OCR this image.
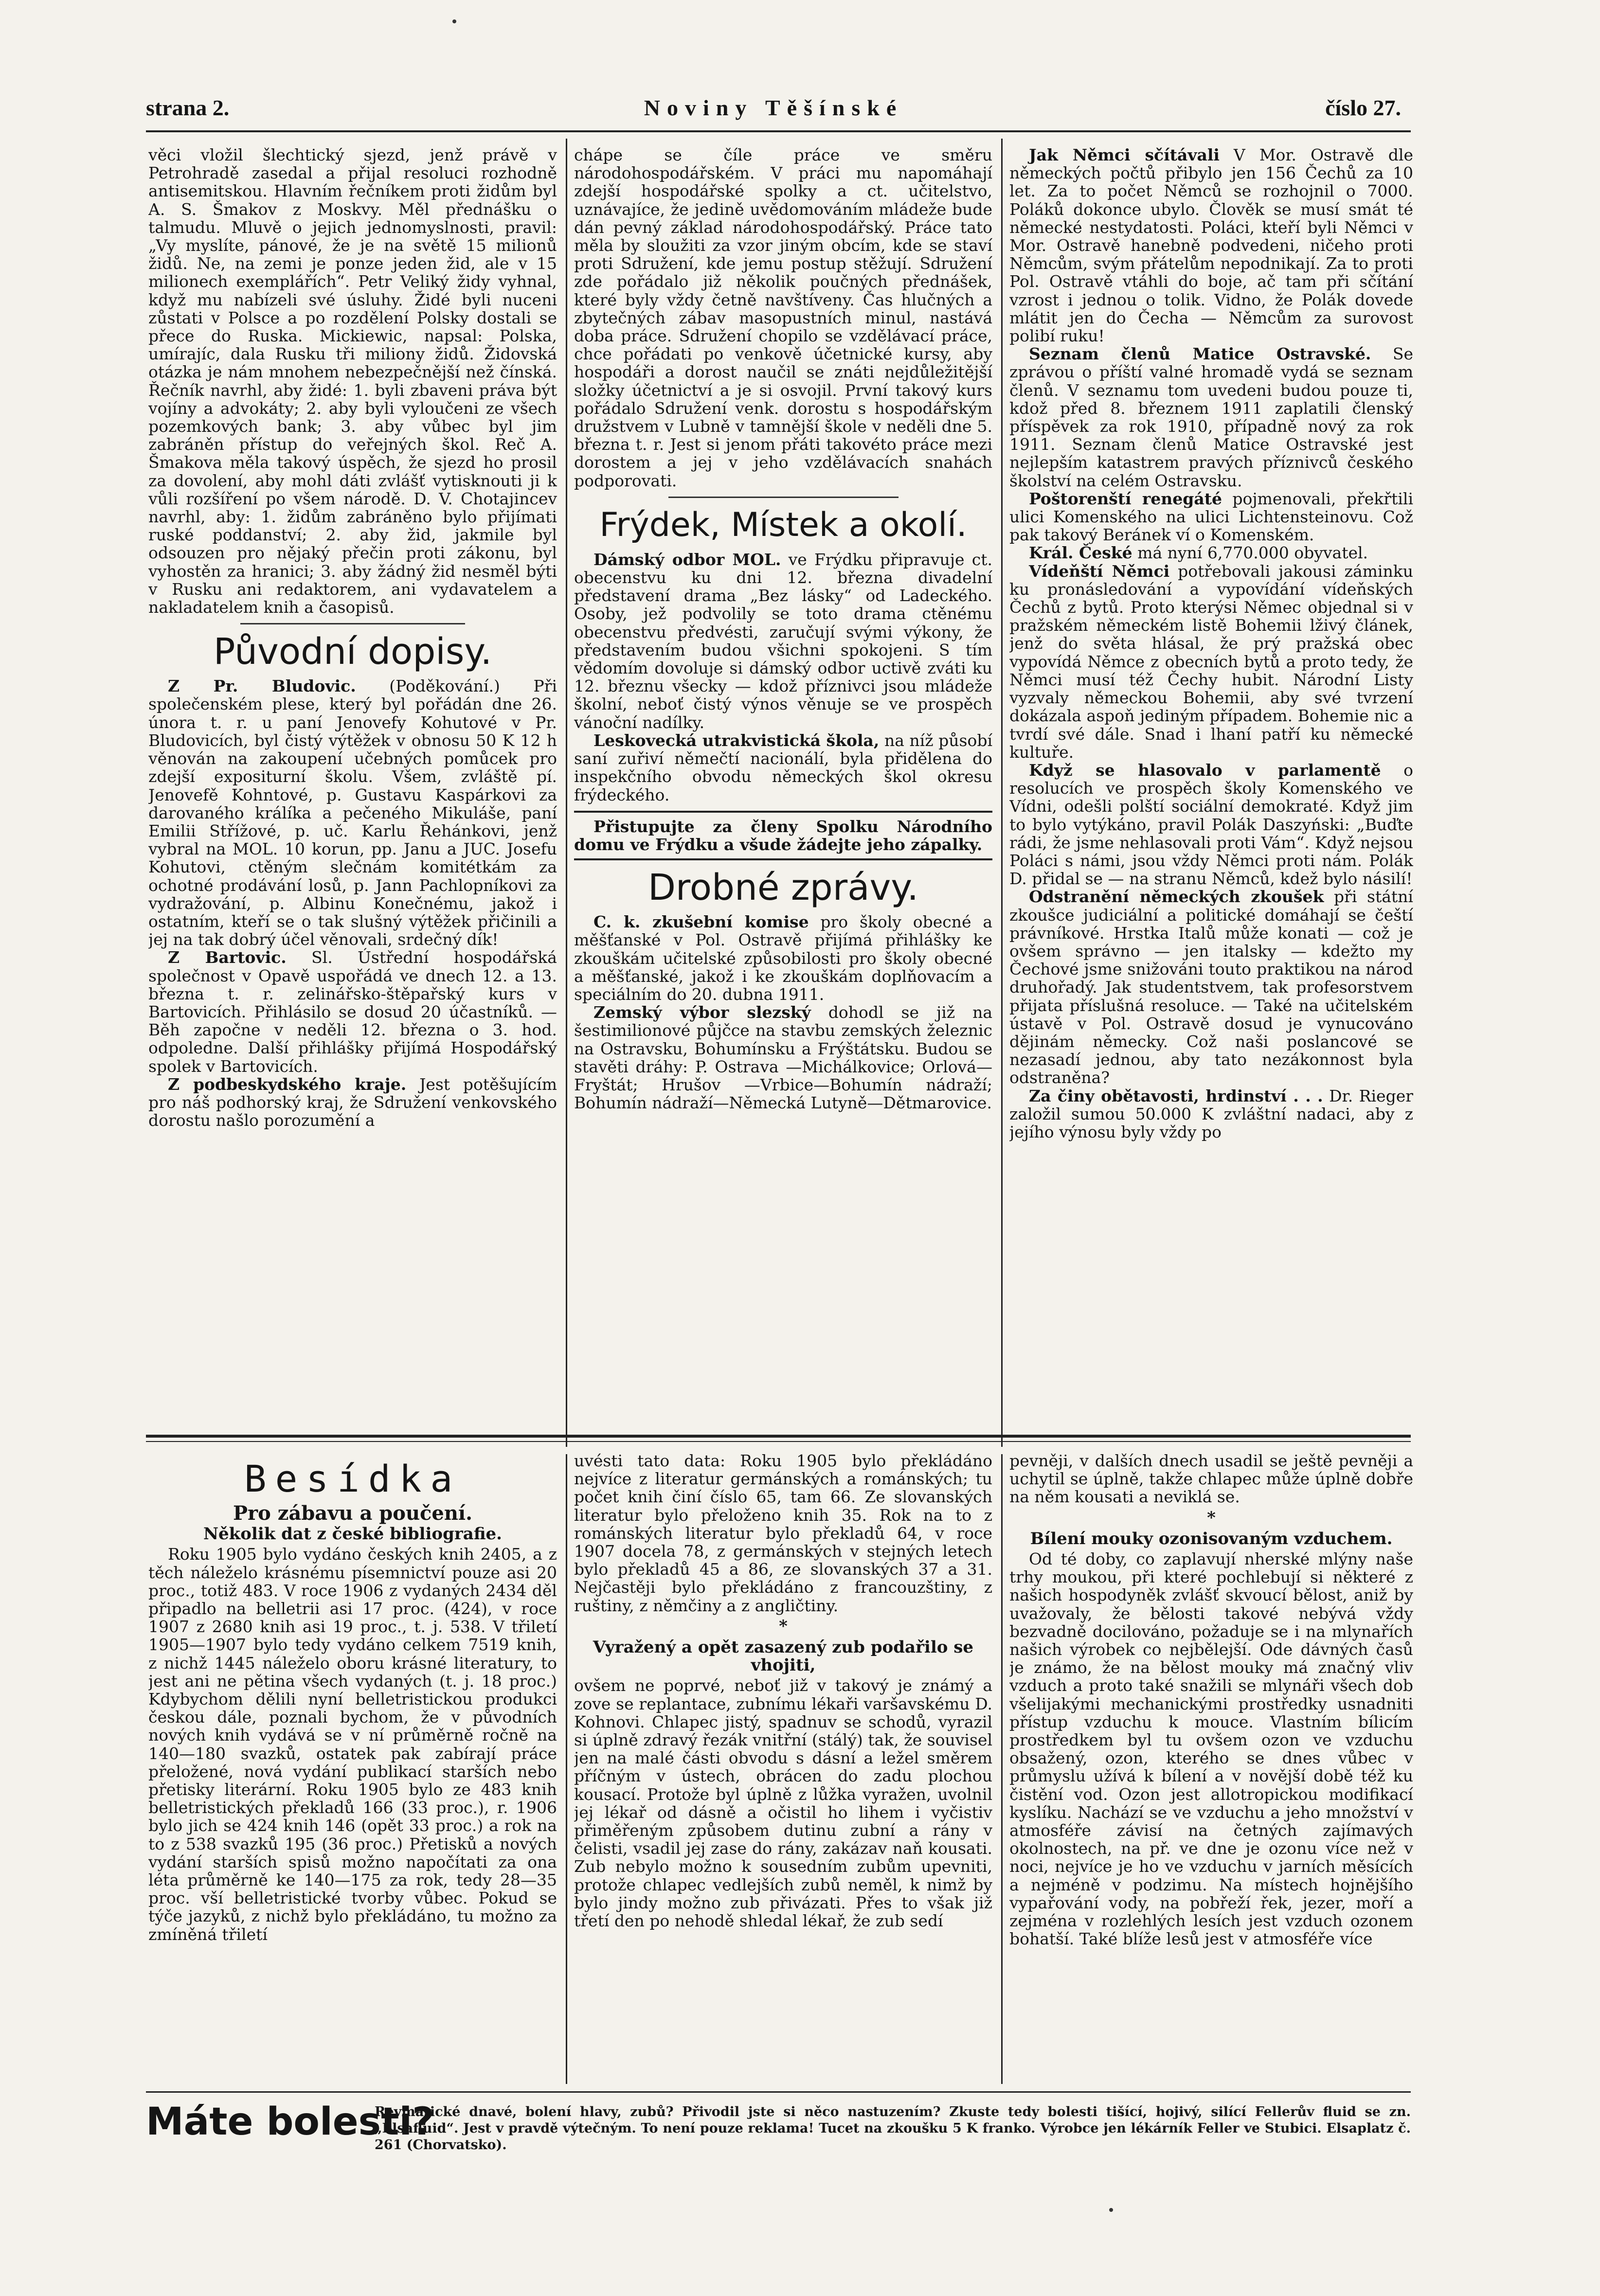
strana 2.	Noviny Těšínské	číslo 27.

věci vložil šlechtický sjezd, jenž právě v Petrohradě zasedal a přijal resoluci rozhodně antisemitskou. Hlavním řečníkem proti židům byl A. S. Šmakov z Moskvy. Měl přednášku o talmudu. Mluvě o jejich jednomyslnosti, pravil: „Vy myslíte, pánové, že je na světě 15 milionů židů. Ne, na zemi je ponze jeden žid, ale v 15 milionech exemplářích“. Petr Veliký židy vyhnal, když mu nabízeli své úsluhy. Židé byli nuceni zůstati v Polsce a po rozdělení Polsky dostali se přece do Ruska. Mickiewic, napsal: Polska, umírajíc, dala Rusku tři miliony židů. Židovská otázka je nám mnohem nebezpečnější než čínská. Řečník navrhl, aby židé: 1. byli zbaveni práva být vojíny a advokáty; 2. aby byli vyloučeni ze všech pozemkových bank; 3. aby vůbec byl jim zabráněn přístup do veřejných škol. Reč A. Šmakova měla takový úspěch, že sjezd ho prosil za dovolení, aby mohl dáti zvlášť vytisknouti ji k vůli rozšíření po všem národě. D. V. Chotajincev navrhl, aby: 1. židům zabráněno bylo přijímati ruské poddanství; 2. aby žid, jakmile byl odsouzen pro nějaký přečin proti zákonu, byl vyhostěn za hranici; 3. aby žádný žid nesměl býti v Rusku ani redaktorem, ani vydavatelem a nakladatelem knih a časopisů.

Původní dopisy.

Z Pr. Bludovic. (Poděkování.) Při společenském plese, který byl pořádán dne 26. února t. r. u paní Jenovefy Kohutové v Pr. Bludovicích, byl čistý výtěžek v obnosu 50 K 12 h věnován na zakoupení učebných pomůcek pro zdejší expositurní školu. Všem, zvláště pí. Jenovefě Kohntové, p. Gustavu Kaspárkovi za darovaného králíka a pečeného Mikuláše, paní Emilii Střížové, p. uč. Karlu Řehánkovi, jenž vybral na MOL. 10 korun, pp. Janu a JUC. Josefu Kohutovi, ctěným slečnám komitétkám za ochotné prodávání losů, p. Jann Pachlopníkovi za vydražování, p. Albinu Konečnému, jakož i ostatním, kteří se o tak slušný výtěžek přičinili a jej na tak dobrý účel věnovali, srdečný dík!

Z Bartovic. Sl. Ústřední hospodářská společnost v Opavě uspořádá ve dnech 12. a 13. března t. r. zelinářsko-štěpařský kurs v Bartovicích. Přihlásilo se dosud 20 účastníků. — Běh započne v neděli 12. března o 3. hod. odpoledne. Další přihlášky přijímá Hospodářský spolek v Bartovicích.

Z podbeskydského kraje. Jest potěšujícím pro náš podhorský kraj, že Sdružení venkovského dorostu našlo porozumění a

chápe se číle práce ve směru národohospodářském. V práci mu napomáhají zdejší hospodářské spolky a ct. učitelstvo, uznávajíce, že jedině uvědomováním mládeže bude dán pevný základ národohospodářský. Práce tato měla by sloužiti za vzor jiným obcím, kde se staví proti Sdružení, kde jemu postup stěžují. Sdružení zde pořádalo již několik poučných přednášek, které byly vždy četně navštíveny. Čas hlučných a zbytečných zábav masopustních minul, nastává doba práce. Sdružení chopilo se vzdělávací práce, chce pořádati po venkově účetnické kursy, aby hospodáři a dorost naučil se znáti nejdůležitější složky účetnictví a je si osvojil. První takový kurs pořádalo Sdružení venk. dorostu s hospodářským družstvem v Lubně v tamnější škole v neděli dne 5. března t. r. Jest si jenom přáti takovéto práce mezi dorostem a jej v jeho vzdělávacích snahách podporovati.

Frýdek, Místek a okolí.

Dámský odbor MOL. ve Frýdku připravuje ct. obecenstvu ku dni 12. března divadelní představení drama „Bez lásky“ od Ladeckého. Osoby, jež podvolily se toto drama ctěnému obecenstvu předvésti, zaručují svými výkony, že představením budou všichni spokojeni. S tím vědomím dovoluje si dámský odbor uctivě zváti ku 12. březnu všecky — kdož příznivci jsou mládeže školní, neboť čistý výnos věnuje se ve prospěch vánoční nadílky.

Leskovecká utrakvistická škola, na níž působí saní zuřiví němečtí nacionálí, byla přidělena do inspekčního obvodu německých škol okresu frýdeckého.

Přistupujte za členy Spolku Národního domu ve Frýdku a všude žádejte jeho zápalky.

Drobné zprávy.

C. k. zkušební komise pro školy obecné a měšťanské v Pol. Ostravě přijímá přihlášky ke zkouškám učitelské způsobilosti pro školy obecné a měšťanské, jakož i ke zkouškám doplňovacím a speciálním do 20. dubna 1911.

Zemský výbor slezský dohodl se již na šestimilionové půjčce na stavbu zemských železnic na Ostravsku, Bohumínsku a Frýštátsku. Budou se stavěti dráhy: P. Ostrava —Michálkovice; Orlová—Fryštát; Hrušov —Vrbice—Bohumín nádraží; Bohumín nádraží—Německá Lutyně—Dětmarovice.

Jak Němci sčítávali V Mor. Ostravě dle německých počtů přibylo jen 156 Čechů za 10 let. Za to počet Němců se rozhojnil o 7000. Poláků dokonce ubylo. Člověk se musí smát té německé nestydatosti. Poláci, kteří byli Němci v Mor. Ostravě hanebně podvedeni, ničeho proti Němcům, svým přátelům nepodnikají. Za to proti Pol. Ostravě vtáhli do boje, ač tam při sčítání vzrost i jednou o tolik. Vidno, že Polák dovede mlátit jen do Čecha — Němcům za surovost polibí ruku!

Seznam členů Matice Ostravské. Se zprávou o příští valné hromadě vydá se seznam členů. V seznamu tom uvedeni budou pouze ti, kdož před 8. březnem 1911 zaplatili členský příspěvek za rok 1910, případně nový za rok 1911. Seznam členů Matice Ostravské jest nejlepším katastrem pravých příznivců českého školství na celém Ostravsku.

Poštorenští renegáté pojmenovali, překřtili ulici Komenského na ulici Lichtensteinovu. Což pak takový Beránek ví o Komenském.

Král. České má nyní 6,770.000 obyvatel.

Vídeňští Němci potřebovali jakousi záminku ku pronásledování a vypovídání vídeňských Čechů z bytů. Proto kterýsi Němec objednal si v pražském německém listě Bohemii lživý článek, jenž do světa hlásal, že prý pražská obec vypovídá Němce z obecních bytů a proto tedy, že Němci musí též Čechy hubit. Národní Listy vyzvaly německou Bohemii, aby své tvrzení dokázala aspoň jediným případem. Bohemie nic a tvrdí své dále. Snad i lhaní patří ku německé kultuře.

Když se hlasovalo v parlamentě o resolucích ve prospěch školy Komenského ve Vídni, odešli polští sociální demokraté. Když jim to bylo vytýkáno, pravil Polák Daszyński: „Buďte rádi, že jsme nehlasovali proti Vám“. Když nejsou Poláci s námi, jsou vždy Němci proti nám. Polák D. přidal se — na stranu Němců, kdež bylo násilí!

Odstranění německých zkoušek při státní zkoušce judiciální a politické domáhají se čeští právníkové. Hrstka Italů může konati — což je ovšem správno — jen italsky — kdežto my Čechové jsme snižováni touto praktikou na národ druhořadý. Jak studentstvem, tak profesorstvem přijata příslušná resoluce. — Také na učitelském ústavě v Pol. Ostravě dosud je vynucováno dějinám německy. Což naši poslancové se nezasadí jednou, aby tato nezákonnost byla odstraněna?

Za činy obětavosti, hrdinství . . . Dr. Rieger založil sumou 50.000 K zvláštní nadaci, aby z jejího výnosu byly vždy po

Besídka
Pro zábavu a poučení.
Několik dat z české bibliografie.

Roku 1905 bylo vydáno českých knih 2405, a z těch náleželo krásnému písemnictví pouze asi 20 proc., totiž 483. V roce 1906 z vydaných 2434 děl připadlo na belletrii asi 17 proc. (424), v roce 1907 z 2680 knih asi 19 proc., t. j. 538. V třiletí 1905—1907 bylo tedy vydáno celkem 7519 knih, z nichž 1445 náleželo oboru krásné literatury, to jest ani ne pětina všech vydaných (t. j. 18 proc.) Kdybychom dělili nyní belletristickou produkci českou dále, poznali bychom, že v původních nových knih vydává se v ní průměrně ročně na 140—180 svazků, ostatek pak zabírají práce přeložené, nová vydání publikací starších nebo přetisky literární. Roku 1905 bylo ze 483 knih belletristických překladů 166 (33 proc.), r. 1906 bylo jich se 424 knih 146 (opět 33 proc.) a rok na to z 538 svazků 195 (36 proc.) Přetisků a nových vydání starších spisů možno napočítati za ona léta průměrně ke 140—175 za rok, tedy 28—35 proc. vší belletristické tvorby vůbec. Pokud se týče jazyků, z nichž bylo překládáno, tu možno za zmíněná třiletí

uvésti tato data: Roku 1905 bylo překládáno nejvíce z literatur germánských a románských; tu počet knih činí číslo 65, tam 66. Ze slovanských literatur bylo přeloženo knih 35. Rok na to z románských literatur bylo překladů 64, v roce 1907 docela 78, z germánských v stejných letech bylo překladů 45 a 86, ze slovanských 37 a 31. Nejčastěji bylo překládáno z francouzštiny, z ruštiny, z němčiny a z angličtiny.

*
Vyražený a opět zasazený zub podařilo se vhojiti,

ovšem ne poprvé, neboť již v takový je známý a zove se replantace, zubnímu lékaři varšavskému D. Kohnovi. Chlapec jistý, spadnuv se schodů, vyrazil si úplně zdravý řezák vnitřní (stálý) tak, že souvisel jen na malé části obvodu s dásní a ležel směrem příčným v ústech, obrácen do zadu plochou kousací. Protože byl úplně z lůžka vyražen, uvolnil jej lékař od dásně a očistil ho lihem i vyčistiv přiměřeným způsobem dutinu zubní a rány v čelisti, vsadil jej zase do rány, zakázav naň kousati. Zub nebylo možno k sousedním zubům upevniti, protože chlapec vedlejších zubů neměl, k nimž by bylo jindy možno zub přivázati. Přes to však již třetí den po nehodě shledal lékař, že zub sedí

pevněji, v dalších dnech usadil se ještě pevněji a uchytil se úplně, takže chlapec může úplně dobře na něm kousati a neviklá se.

*
Bílení mouky ozonisovaným vzduchem.

Od té doby, co zaplavují nherské mlýny naše trhy moukou, při které pochlebují si některé z našich hospodyněk zvlášť skvoucí bělost, aniž by uvažovaly, že bělosti takové nebývá vždy bezvadně docilováno, požaduje se i na mlynařích našich výrobek co nejbělejší. Ode dávných časů je známo, že na bělost mouky má značný vliv vzduch a proto také snažili se mlynáři všech dob všelijakými mechanickými prostředky usnadniti přístup vzduchu k mouce. Vlastním bílicím prostředkem byl tu ovšem ozon ve vzduchu obsažený, ozon, kterého se dnes vůbec v průmyslu užívá k bílení a v novější době též ku čistění vod. Ozon jest allotropickou modifikací kyslíku. Nachází se ve vzduchu a jeho množství v atmosféře závisí na četných zajímavých okolnostech, na př. ve dne je ozonu více než v noci, nejvíce je ho ve vzduchu v jarních měsících a nejméně v podzimu. Na místech hojnějšího vypařování vody, na pobřeží řek, jezer, moří a zejména v rozlehlých lesích jest vzduch ozonem bohatší. Také blíže lesů jest v atmosféře více

Máte bolesti?
Revmatické dnavé, bolení hlavy, zubů? Přivodil jste si něco nastuzením? Zkuste tedy bolesti tišící, hojivý, silící Fellerův fluid se zn. „Elsafluid“. Jest v pravdě výtečným. To není pouze reklama! Tucet na zkoušku 5 K franko. Výrobce jen lékárník Feller ve Stubici. Elsaplatz č. 261 (Chorvatsko).
